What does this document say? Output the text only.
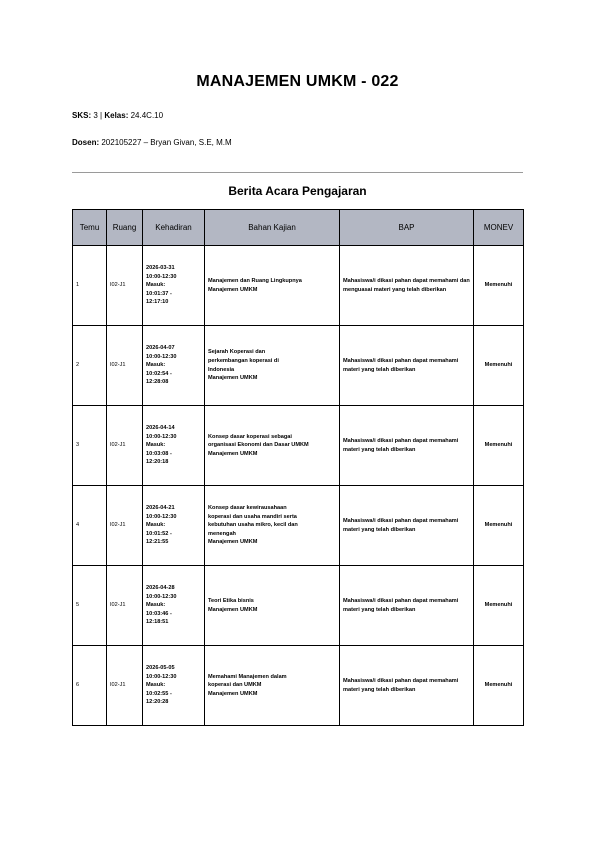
MANAJEMEN UMKM - 022
SKS: 3 | Kelas: 24.4C.10
Dosen: 202105227 – Bryan Givan, S.E, M.M
Berita Acara Pengajaran
Temu	Ruang	Kehadiran	Bahan Kajian	BAP	MONEV

1	I02-J1	2026-03-31
10:00-12:30
Masuk:
10:01:37 -
12:17:10	Manajemen dan Ruang Lingkupnya
Manajemen UMKM	Mahasiswa/i dikasi pahan dapat memahami dan menguasai materi yang telah diberikan	Memenuhi

2	I02-J1	2026-04-07
10:00-12:30
Masuk:
10:02:54 -
12:28:08	Sejarah Koperasi dan
perkembangan koperasi di
Indonesia
Manajemen UMKM	Mahasiswa/i dikasi pahan dapat memahami materi yang telah diberikan	Memenuhi

3	I02-J1	2026-04-14
10:00-12:30
Masuk:
10:03:08 -
12:20:18	Konsep dasar koperasi sebagai
organisasi Ekonomi dan Dasar UMKM
Manajemen UMKM	Mahasiswa/i dikasi pahan dapat memahami materi yang telah diberikan	Memenuhi

4	I02-J1	2026-04-21
10:00-12:30
Masuk:
10:01:52 -
12:21:55	Konsep dasar kewirausahaan
koperasi dan usaha mandiri serta
kebutuhan usaha mikro, kecil dan
menengah
Manajemen UMKM	Mahasiswa/i dikasi pahan dapat memahami materi yang telah diberikan	Memenuhi

5	I02-J1	2026-04-28
10:00-12:30
Masuk:
10:03:46 -
12:18:51	Teori Etika bisnis
Manajemen UMKM	Mahasiswa/i dikasi pahan dapat memahami materi yang telah diberikan	Memenuhi

6	I02-J1	2026-05-05
10:00-12:30
Masuk:
10:02:55 -
12:20:28	Memahami Manajemen dalam
koperasi dan UMKM
Manajemen UMKM	Mahasiswa/i dikasi pahan dapat memahami materi yang telah diberikan	Memenuhi
